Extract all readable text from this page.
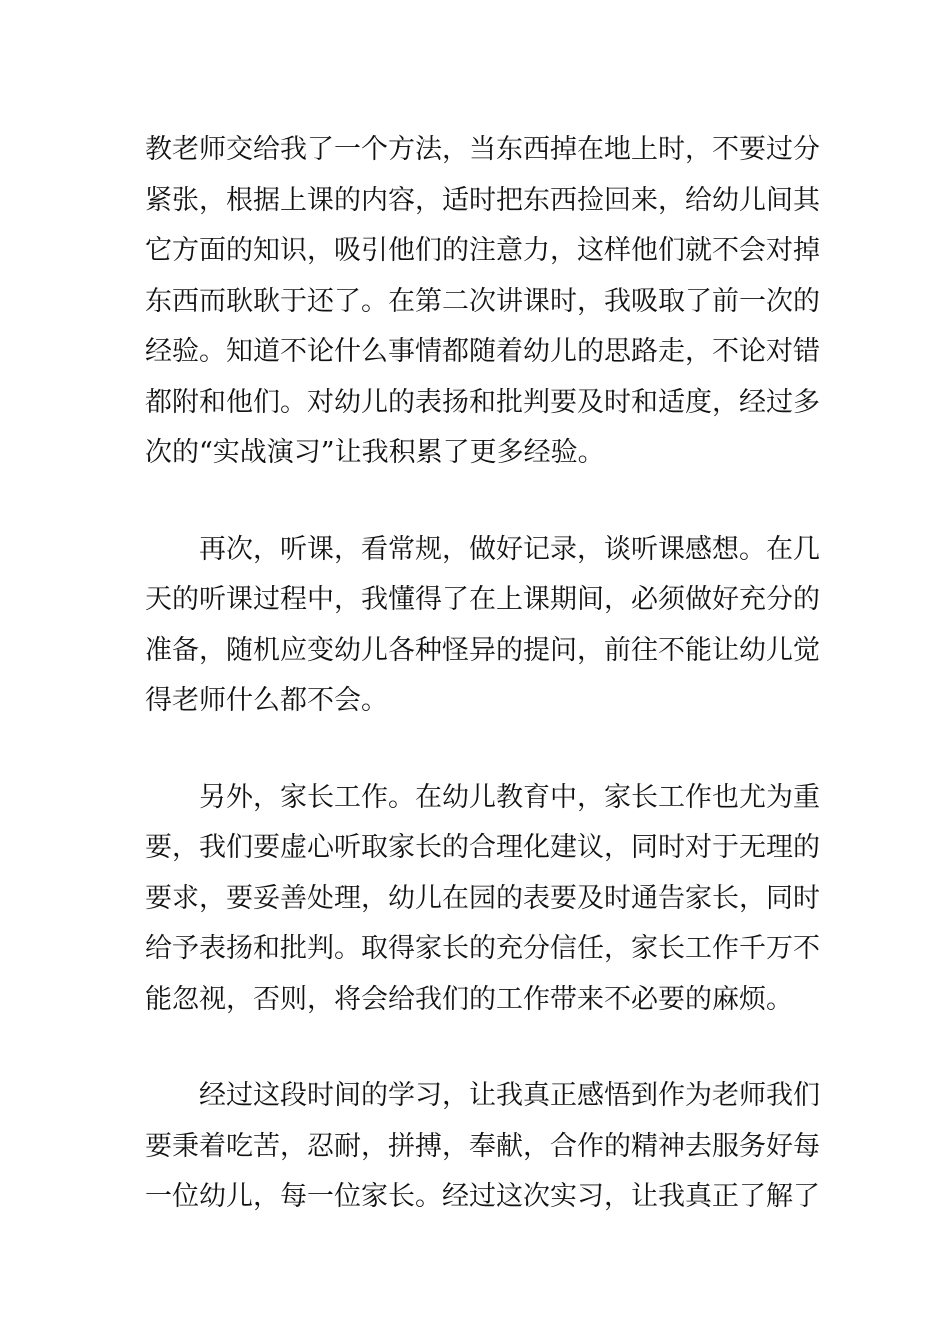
教老师交给我了一个方法，当东西掉在地上时，不要过分
紧张，根据上课的内容，适时把东西捡回来，给幼儿间其
它方面的知识，吸引他们的注意力，这样他们就不会对掉
东西而耿耿于还了。在第二次讲课时，我吸取了前一次的
经验。知道不论什么事情都随着幼儿的思路走，不论对错
都附和他们。对幼儿的表扬和批判要及时和适度，经过多
次的“实战演习”让我积累了更多经验。
　　再次，听课，看常规，做好记录，谈听课感想。在几
天的听课过程中，我懂得了在上课期间，必须做好充分的
准备，随机应变幼儿各种怪异的提问，前往不能让幼儿觉
得老师什么都不会。
　　另外，家长工作。在幼儿教育中，家长工作也尤为重
要，我们要虚心听取家长的合理化建议，同时对于无理的
要求，要妥善处理，幼儿在园的表要及时通告家长，同时
给予表扬和批判。取得家长的充分信任，家长工作千万不
能忽视，否则，将会给我们的工作带来不必要的麻烦。
　　经过这段时间的学习，让我真正感悟到作为老师我们
要秉着吃苦，忍耐，拼搏，奉献，合作的精神去服务好每
一位幼儿，每一位家长。经过这次实习，让我真正了解了
